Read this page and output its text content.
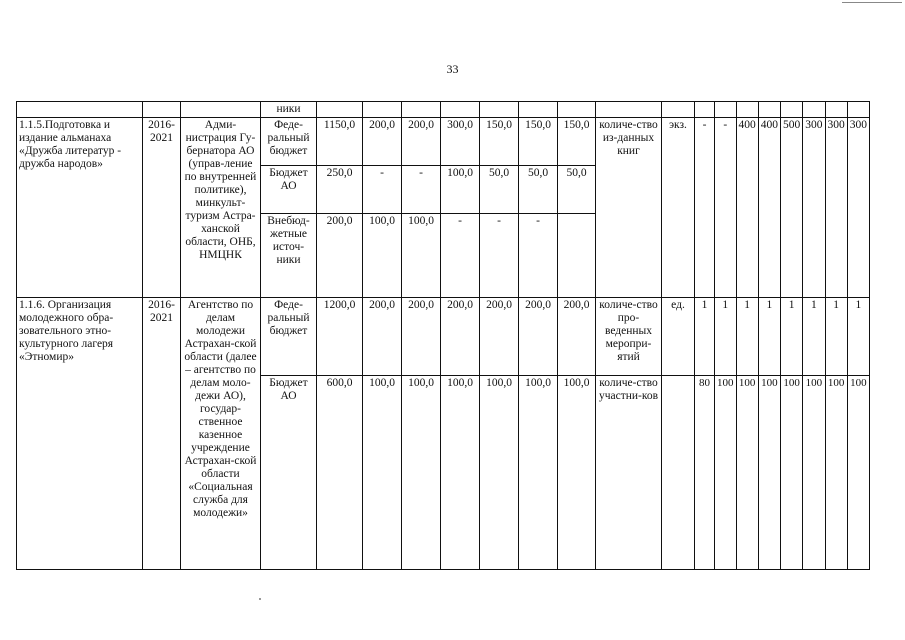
33
			ники																	
1.1.5.Подготовка и издание альманаха «Дружба литератур - дружба народов»	2016-2021	Адми-нистрация Гу-бернатора АО (управ-ление по внутренней политике), минкульт-туризм Астра-ханской области, ОНБ, НМЦНК	Феде-ральный бюджет	1150,0	200,0	200,0	300,0	150,0	150,0	150,0	количе-ство из-данных книг	экз.	-	-	400	400	500	300	300	300
			Бюджет АО	250,0	-	-	100,0	50,0	50,0	50,0										
			Внебюд-жетные источ-ники	200,0	100,0	100,0	-	-	-											
1.1.6. Организация молодежного обра-зовательного этно-культурного лагеря «Этномир»	2016-2021	Агентство по делам молодежи Астрахан-ской области (далее – агентство по делам моло-дежи АО), государ-ственное казенное учреждение Астрахан-ской области «Социальная служба для молодежи»	Феде-ральный бюджет	1200,0	200,0	200,0	200,0	200,0	200,0	200,0	количе-ство про-веденных меропри-ятий	ед.	1	1	1	1	1	1	1	1
			Бюджет АО	600,0	100,0	100,0	100,0	100,0	100,0	100,0	количе-ство участни-ков		80	100	100	100	100	100	100	100
